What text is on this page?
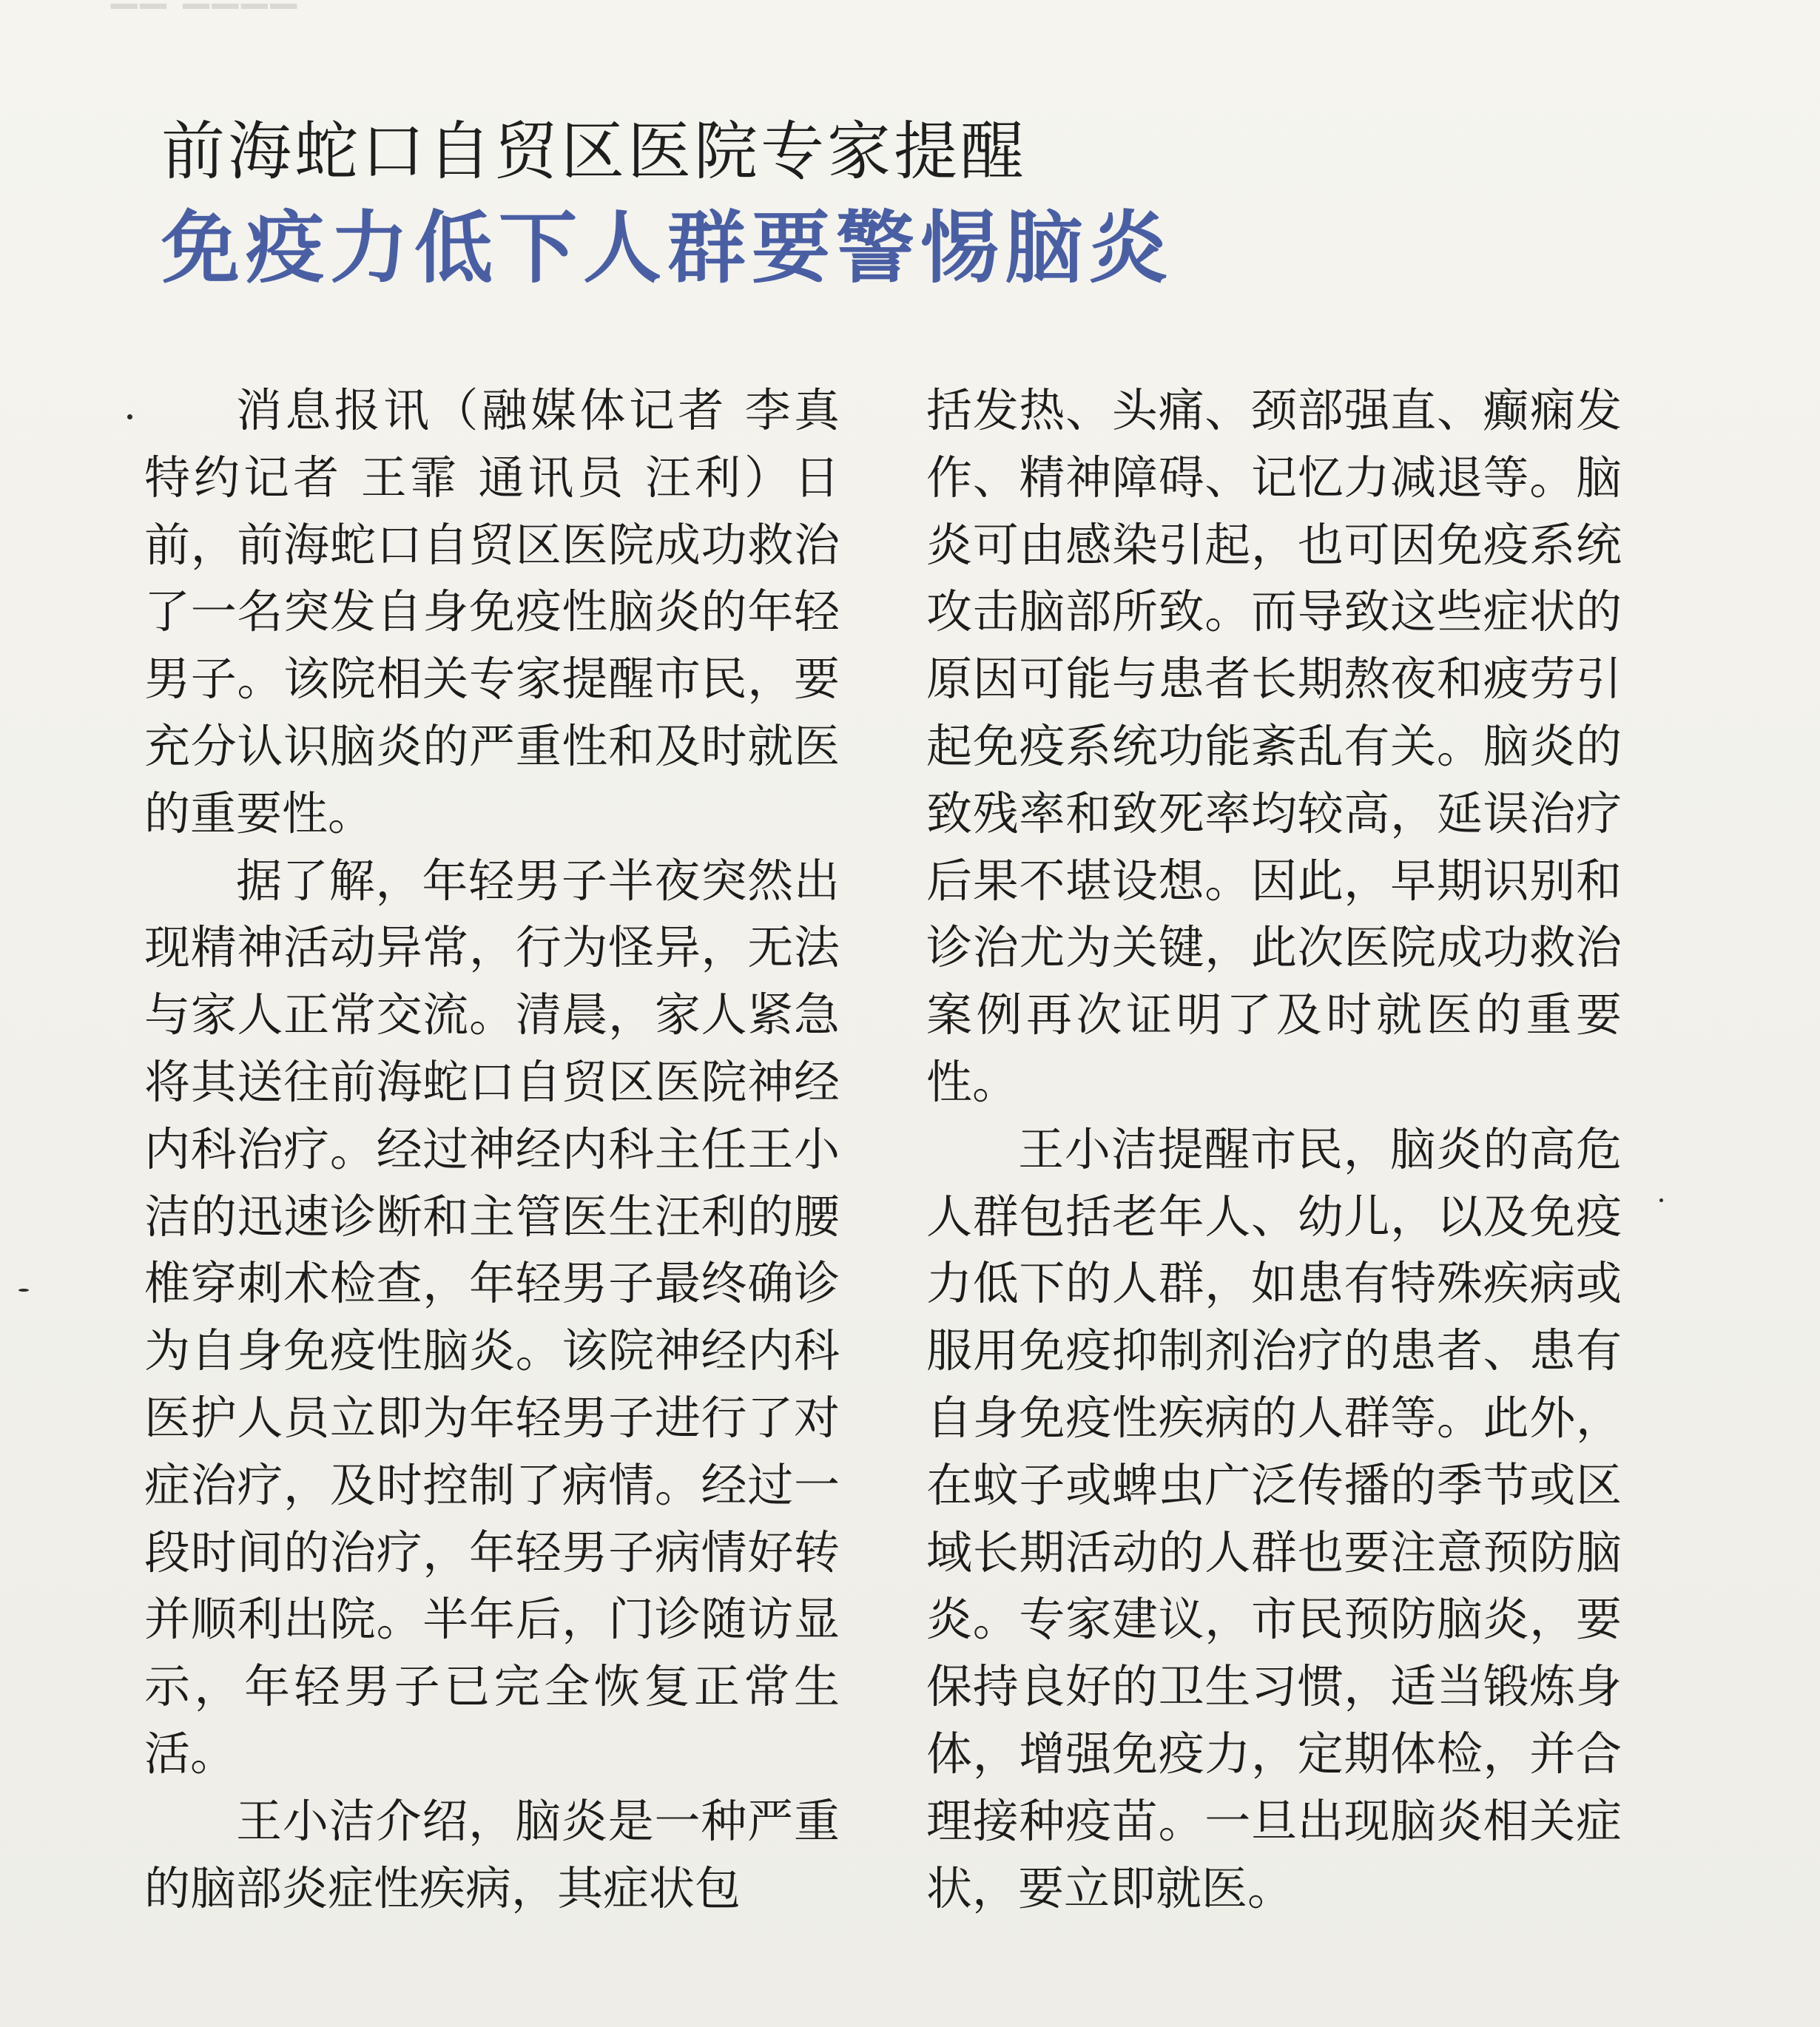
▔▔ ▔▔▔▔
前海蛇口自贸区医院专家提醒
免疫力低下人群要警惕脑炎

消息报讯（融媒体记者 李真 特约记者 王霏 通讯员 汪利）日前，前海蛇口自贸区医院成功救治了一名突发自身免疫性脑炎的年轻男子。该院相关专家提醒市民，要充分认识脑炎的严重性和及时就医的重要性。

据了解，年轻男子半夜突然出现精神活动异常，行为怪异，无法与家人正常交流。清晨，家人紧急将其送往前海蛇口自贸区医院神经内科治疗。经过神经内科主任王小洁的迅速诊断和主管医生汪利的腰椎穿刺术检查，年轻男子最终确诊为自身免疫性脑炎。该院神经内科医护人员立即为年轻男子进行了对症治疗，及时控制了病情。经过一段时间的治疗，年轻男子病情好转并顺利出院。半年后，门诊随访显示，年轻男子已完全恢复正常生活。

王小洁介绍，脑炎是一种严重的脑部炎症性疾病，其症状包

括发热、头痛、颈部强直、癫痫发作、精神障碍、记忆力减退等。脑炎可由感染引起，也可因免疫系统攻击脑部所致。而导致这些症状的原因可能与患者长期熬夜和疲劳引起免疫系统功能紊乱有关。脑炎的致残率和致死率均较高，延误治疗后果不堪设想。因此，早期识别和诊治尤为关键，此次医院成功救治案例再次证明了及时就医的重要性。

王小洁提醒市民，脑炎的高危人群包括老年人、幼儿，以及免疫力低下的人群，如患有特殊疾病或服用免疫抑制剂治疗的患者、患有自身免疫性疾病的人群等。此外，在蚊子或蜱虫广泛传播的季节或区域长期活动的人群也要注意预防脑炎。专家建议，市民预防脑炎，要保持良好的卫生习惯，适当锻炼身体，增强免疫力，定期体检，并合理接种疫苗。一旦出现脑炎相关症状，要立即就医。
